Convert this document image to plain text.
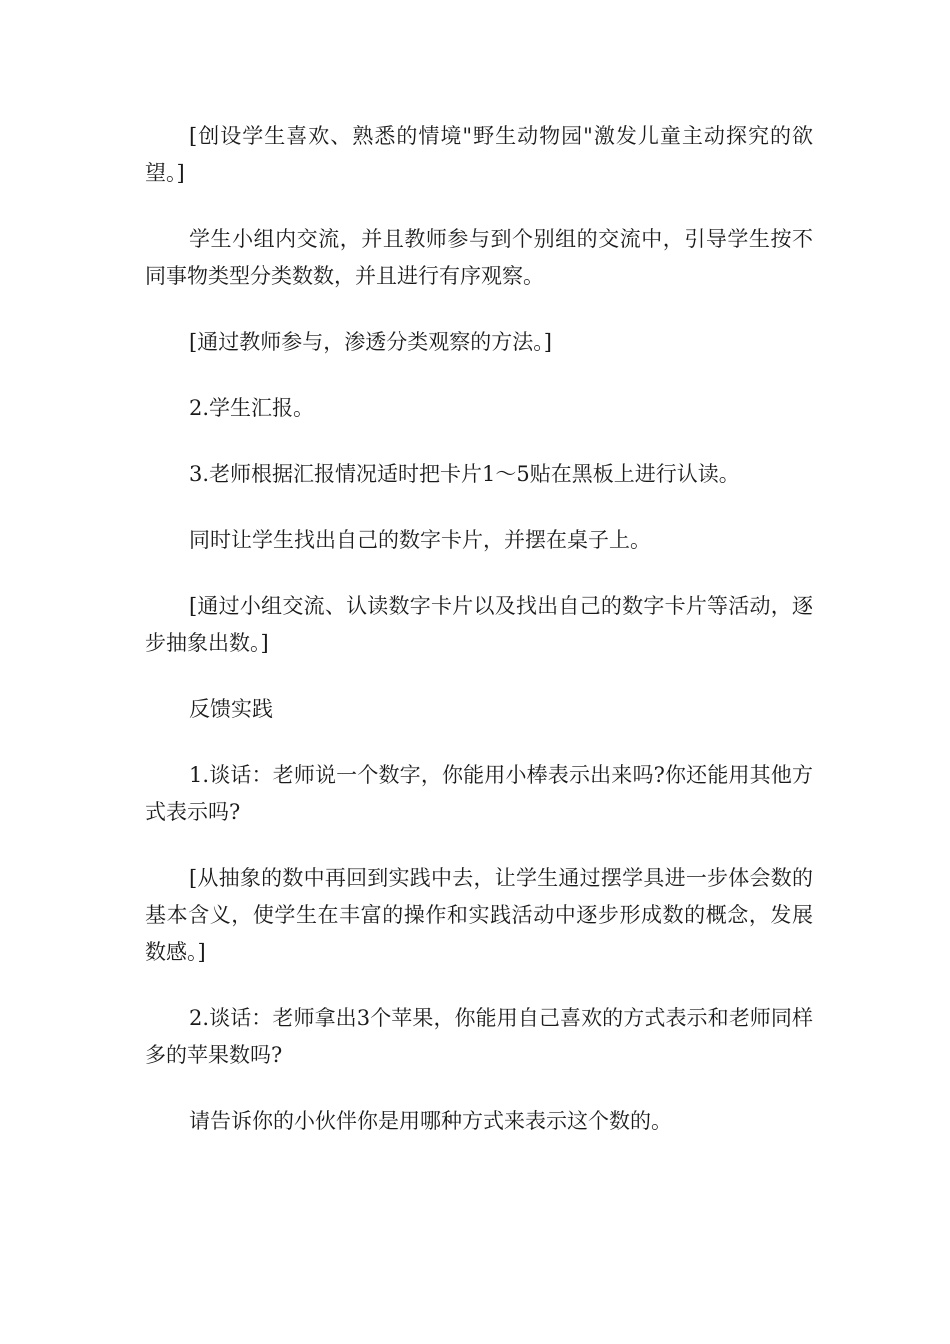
[创设学生喜欢、熟悉的情境"野生动物园"激发儿童主动探究的欲望。]

学生小组内交流，并且教师参与到个别组的交流中，引导学生按不同事物类型分类数数，并且进行有序观察。

[通过教师参与，渗透分类观察的方法。]

2.学生汇报。

3.老师根据汇报情况适时把卡片1～5贴在黑板上进行认读。

同时让学生找出自己的数字卡片，并摆在桌子上。

[通过小组交流、认读数字卡片以及找出自己的数字卡片等活动，逐步抽象出数。]

反馈实践

1.谈话：老师说一个数字，你能用小棒表示出来吗?你还能用其他方式表示吗?

[从抽象的数中再回到实践中去，让学生通过摆学具进一步体会数的基本含义，使学生在丰富的操作和实践活动中逐步形成数的概念，发展数感。]

2.谈话：老师拿出3个苹果，你能用自己喜欢的方式表示和老师同样多的苹果数吗?

请告诉你的小伙伴你是用哪种方式来表示这个数的。
